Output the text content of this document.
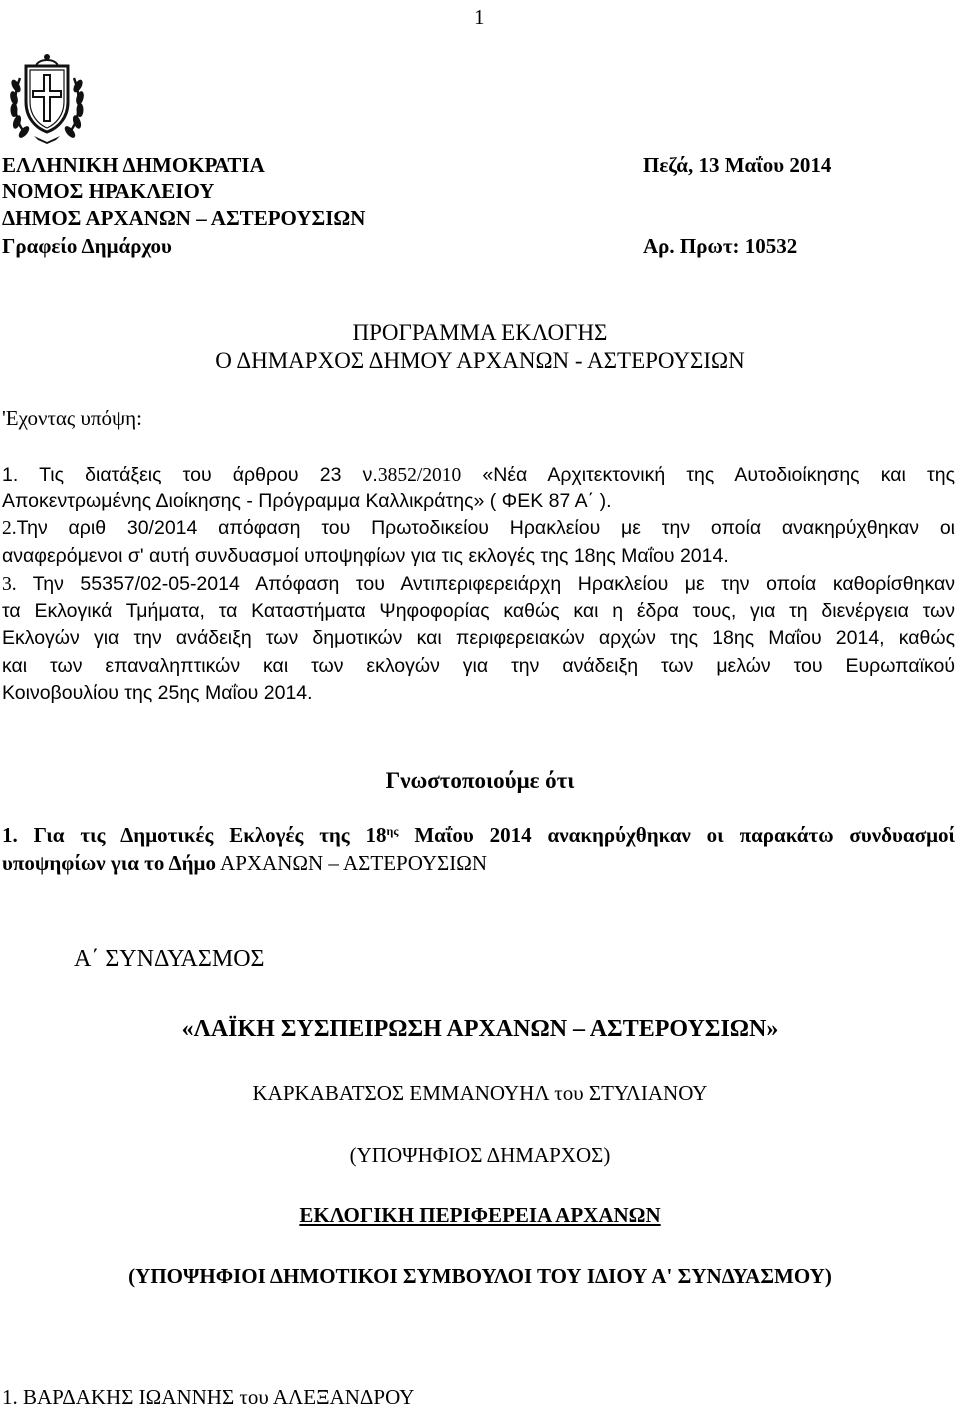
1
ΕΛΛΗΝΙΚΗ ΔΗΜΟΚΡΑΤΙΑ
ΝΟΜΟΣ ΗΡΑΚΛΕΙΟΥ
ΔΗΜΟΣ ΑΡΧΑΝΩΝ – ΑΣΤΕΡΟΥΣΙΩΝ
Γραφείο Δημάρχου
Πεζά, 13 Μαΐου 2014
Αρ. Πρωτ: 10532
ΠΡΟΓΡΑΜΜΑ ΕΚΛΟΓΗΣ
Ο ΔΗΜΑΡΧΟΣ ΔΗΜΟΥ ΑΡΧΑΝΩΝ - ΑΣΤΕΡΟΥΣΙΩΝ
'Εχοντας υπόψη:
1. Τις διατάξεις του άρθρου 23 ν.3852/2010 «Νέα Αρχιτεκτονική της Αυτοδιοίκησης και της
Αποκεντρωμένης Διοίκησης - Πρόγραμμα Καλλικράτης» ( ΦΕΚ 87 Α΄ ).
2.Την αριθ 30/2014 απόφαση του Πρωτοδικείου Ηρακλείου με την οποία ανακηρύχθηκαν οι
αναφερόμενοι σ' αυτή συνδυασμοί υποψηφίων για τις εκλογές της 18ης Μαΐου 2014.
3. Την 55357/02-05-2014 Απόφαση του Αντιπεριφερειάρχη Ηρακλείου με την οποία καθορίσθηκαν
τα Εκλογικά Τμήματα, τα Καταστήματα Ψηφοφορίας καθώς και η έδρα τους, για τη διενέργεια των
Εκλογών για την ανάδειξη των δημοτικών και περιφερειακών αρχών της 18ης Μαΐου 2014, καθώς
και των επαναληπτικών και των εκλογών για την ανάδειξη των μελών του Ευρωπαϊκού
Κοινοβουλίου της 25ης Μαΐου 2014.
Γνωστοποιούμε ότι
1. Για τις Δημοτικές Εκλογές της $18^{\eta\varsigma}$ Μαΐου 2014 ανακηρύχθηκαν οι παρακάτω συνδυασμοί
υποψηφίων για το Δήμο ΑΡΧΑΝΩΝ – ΑΣΤΕΡΟΥΣΙΩΝ
Α΄ ΣΥΝΔΥΑΣΜΟΣ
«ΛΑΪΚΗ ΣΥΣΠΕΙΡΩΣΗ ΑΡΧΑΝΩΝ – ΑΣΤΕΡΟΥΣΙΩΝ»
ΚΑΡΚΑΒΑΤΣΟΣ ΕΜΜΑΝΟΥΗΛ του ΣΤΥΛΙΑΝΟΥ
(ΥΠΟΨΗΦΙΟΣ ΔΗΜΑΡΧΟΣ)
ΕΚΛΟΓΙΚΗ ΠΕΡΙΦΕΡΕΙΑ ΑΡΧΑΝΩΝ
(ΥΠΟΨΗΦΙΟΙ ΔΗΜΟΤΙΚΟΙ ΣΥΜΒΟΥΛΟΙ ΤΟΥ ΙΔΙΟΥ Α' ΣΥΝΔΥΑΣΜΟΥ)
1. ΒΑΡΔΑΚΗΣ ΙΩΑΝΝΗΣ του ΑΛΕΞΑΝΔΡΟΥ
